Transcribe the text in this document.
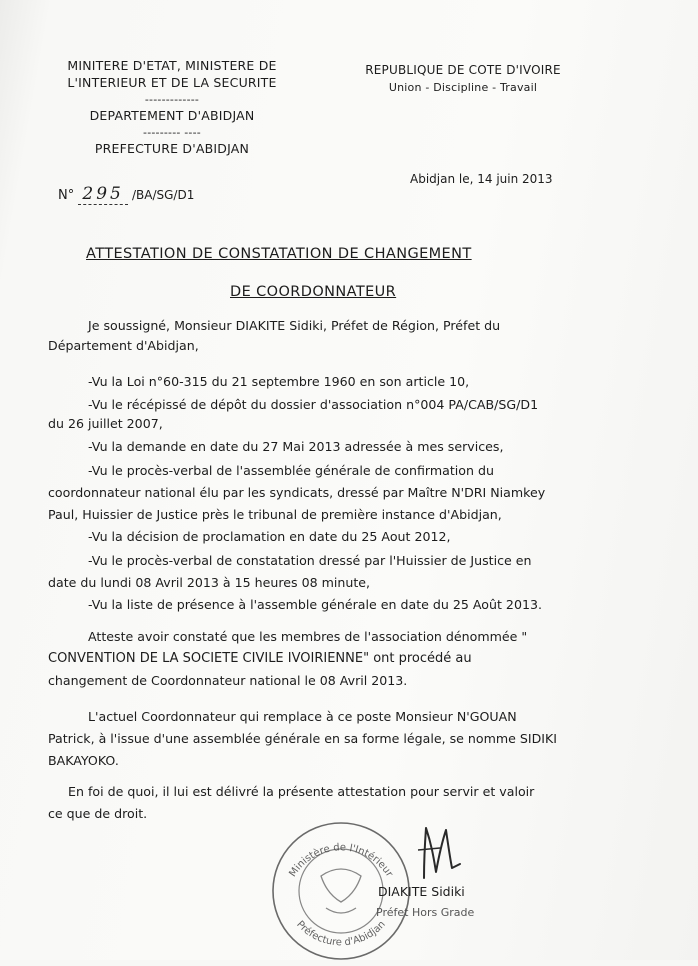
MINITERE D'ETAT, MINISTERE DE
L'INTERIEUR ET DE LA SECURITE
-------------
DEPARTEMENT D'ABIDJAN
--------- ----
PREFECTURE D'ABIDJAN
REPUBLIQUE DE COTE D'IVOIRE
Union - Discipline - Travail
N° 295 /BA/SG/D1
Abidjan le, 14 juin 2013
ATTESTATION DE CONSTATATION DE CHANGEMENT
DE COORDONNATEUR
Je soussigné, Monsieur DIAKITE Sidiki, Préfet de Région, Préfet du
Département d'Abidjan,
-Vu la Loi n°60-315 du 21 septembre 1960 en son article 10,
-Vu le récépissé de dépôt du dossier d'association n°004 PA/CAB/SG/D1
du 26 juillet 2007,
-Vu la demande en date du 27 Mai 2013 adressée à mes services,
-Vu le procès-verbal de l'assemblée générale de confirmation du
coordonnateur national élu par les syndicats, dressé par Maître N'DRI Niamkey
Paul, Huissier de Justice près le tribunal de première instance d'Abidjan,
-Vu la décision de proclamation en date du 25 Aout 2012,
-Vu le procès-verbal de constatation dressé par l'Huissier de Justice en
date du lundi 08 Avril 2013 à 15 heures 08 minute,
-Vu la liste de présence à l'assemble générale en date du 25 Août 2013.
Atteste avoir constaté que les membres de l'association dénommée "
CONVENTION DE LA SOCIETE CIVILE IVOIRIENNE" ont procédé au
changement de Coordonnateur national le 08 Avril 2013.
L'actuel Coordonnateur qui remplace à ce poste Monsieur N'GOUAN
Patrick, à l'issue d'une assemblée générale en sa forme légale, se nomme SIDIKI
BAKAYOKO.
En foi de quoi, il lui est délivré la présente attestation pour servir et valoir
ce que de droit.
Ministère de l'Intérieur
Préfecture d'Abidjan
DIAKITE Sidiki
Préfet Hors Grade
